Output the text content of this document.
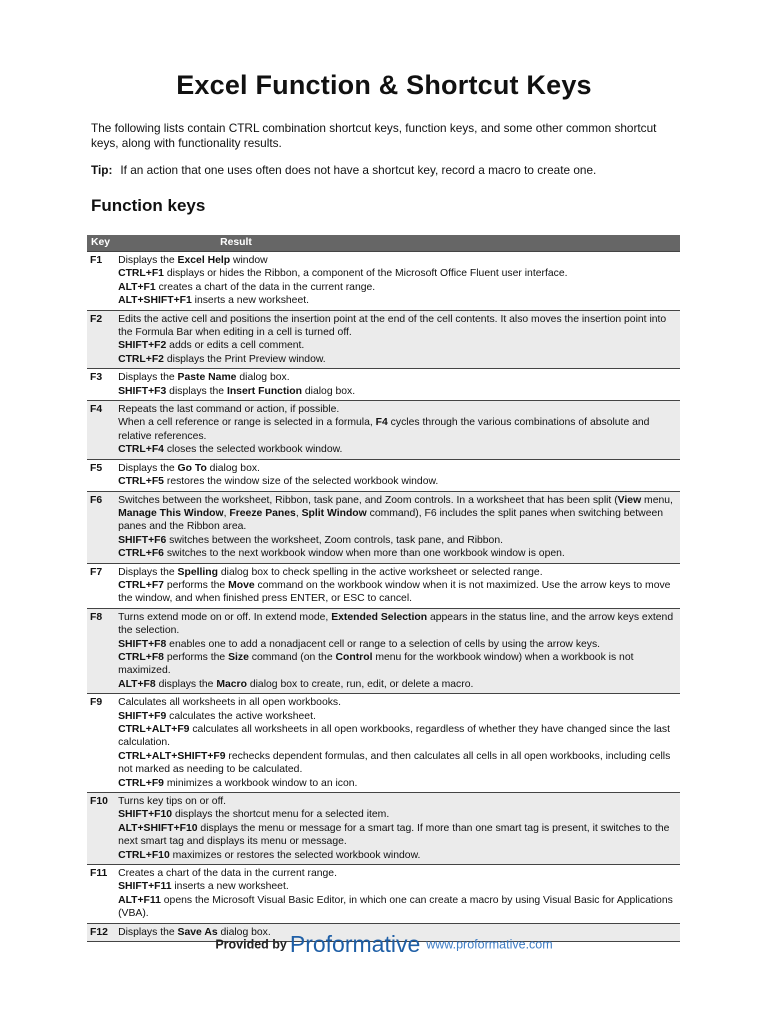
Excel Function & Shortcut Keys

The following lists contain CTRL combination shortcut keys, function keys, and some other common shortcut keys, along with functionality results.

Tip: If an action that one uses often does not have a shortcut key, record a macro to create one.

Function keys
Key	Result
F1	Displays the Excel Help window
CTRL+F1 displays or hides the Ribbon, a component of the Microsoft Office Fluent user interface.
ALT+F1 creates a chart of the data in the current range.
ALT+SHIFT+F1 inserts a new worksheet.

F2	Edits the active cell and positions the insertion point at the end of the cell contents. It also moves the insertion point into the Formula Bar when editing in a cell is turned off.
SHIFT+F2 adds or edits a cell comment.
CTRL+F2 displays the Print Preview window.

F3	Displays the Paste Name dialog box.
SHIFT+F3 displays the Insert Function dialog box.

F4	Repeats the last command or action, if possible.
When a cell reference or range is selected in a formula, F4 cycles through the various combinations of absolute and relative references.
CTRL+F4 closes the selected workbook window.

F5	Displays the Go To dialog box.
CTRL+F5 restores the window size of the selected workbook window.

F6	Switches between the worksheet, Ribbon, task pane, and Zoom controls. In a worksheet that has been split (View menu, Manage This Window, Freeze Panes, Split Window command), F6 includes the split panes when switching between panes and the Ribbon area.
SHIFT+F6 switches between the worksheet, Zoom controls, task pane, and Ribbon.
CTRL+F6 switches to the next workbook window when more than one workbook window is open.

F7	Displays the Spelling dialog box to check spelling in the active worksheet or selected range.
CTRL+F7 performs the Move command on the workbook window when it is not maximized. Use the arrow keys to move the window, and when finished press ENTER, or ESC to cancel.

F8	Turns extend mode on or off. In extend mode, Extended Selection appears in the status line, and the arrow keys extend the selection.
SHIFT+F8 enables one to add a nonadjacent cell or range to a selection of cells by using the arrow keys.
CTRL+F8 performs the Size command (on the Control menu for the workbook window) when a workbook is not maximized.
ALT+F8 displays the Macro dialog box to create, run, edit, or delete a macro.

F9	Calculates all worksheets in all open workbooks.
SHIFT+F9 calculates the active worksheet.
CTRL+ALT+F9 calculates all worksheets in all open workbooks, regardless of whether they have changed since the last calculation.
CTRL+ALT+SHIFT+F9 rechecks dependent formulas, and then calculates all cells in all open workbooks, including cells not marked as needing to be calculated.
CTRL+F9 minimizes a workbook window to an icon.

F10	Turns key tips on or off.
SHIFT+F10 displays the shortcut menu for a selected item.
ALT+SHIFT+F10 displays the menu or message for a smart tag. If more than one smart tag is present, it switches to the next smart tag and displays its menu or message.
CTRL+F10 maximizes or restores the selected workbook window.

F11	Creates a chart of the data in the current range.
SHIFT+F11 inserts a new worksheet.
ALT+F11 opens the Microsoft Visual Basic Editor, in which one can create a macro by using Visual Basic for Applications (VBA).

F12	Displays the Save As dialog box.
Provided by Proformative www.proformative.com
